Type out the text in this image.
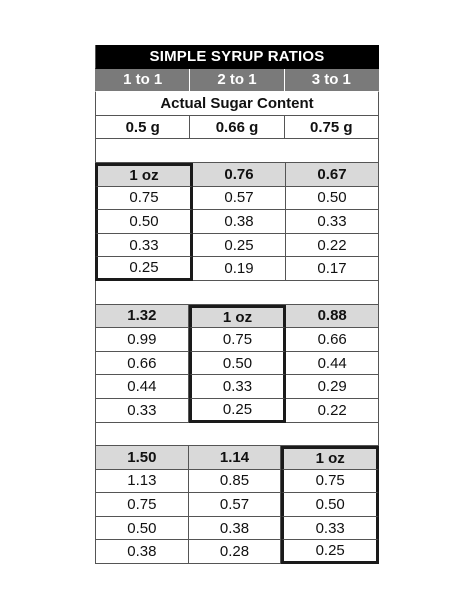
SIMPLE SYRUP RATIOS
1 to 1	2 to 1	3 to 1
Actual Sugar Content
0.5 g	0.66 g	0.75 g
1 oz	0.76	0.67
0.75	0.57	0.50
0.50	0.38	0.33
0.33	0.25	0.22
0.25	0.19	0.17
1.32	1 oz	0.88
0.99	0.75	0.66
0.66	0.50	0.44
0.44	0.33	0.29
0.33	0.25	0.22
1.50	1.14	1 oz
1.13	0.85	0.75
0.75	0.57	0.50
0.50	0.38	0.33
0.38	0.28	0.25
